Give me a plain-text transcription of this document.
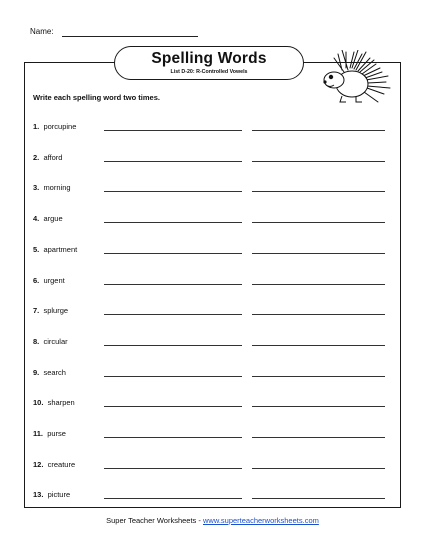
Name:
Spelling Words
List D-20: R-Controlled Vowels
Write each spelling word two times.
1. porcupine
2. afford
3. morning
4. argue
5. apartment
6. urgent
7. splurge
8. circular
9. search
10. sharpen
11. purse
12. creature
13. picture
Super Teacher Worksheets - www.superteacherworksheets.com
